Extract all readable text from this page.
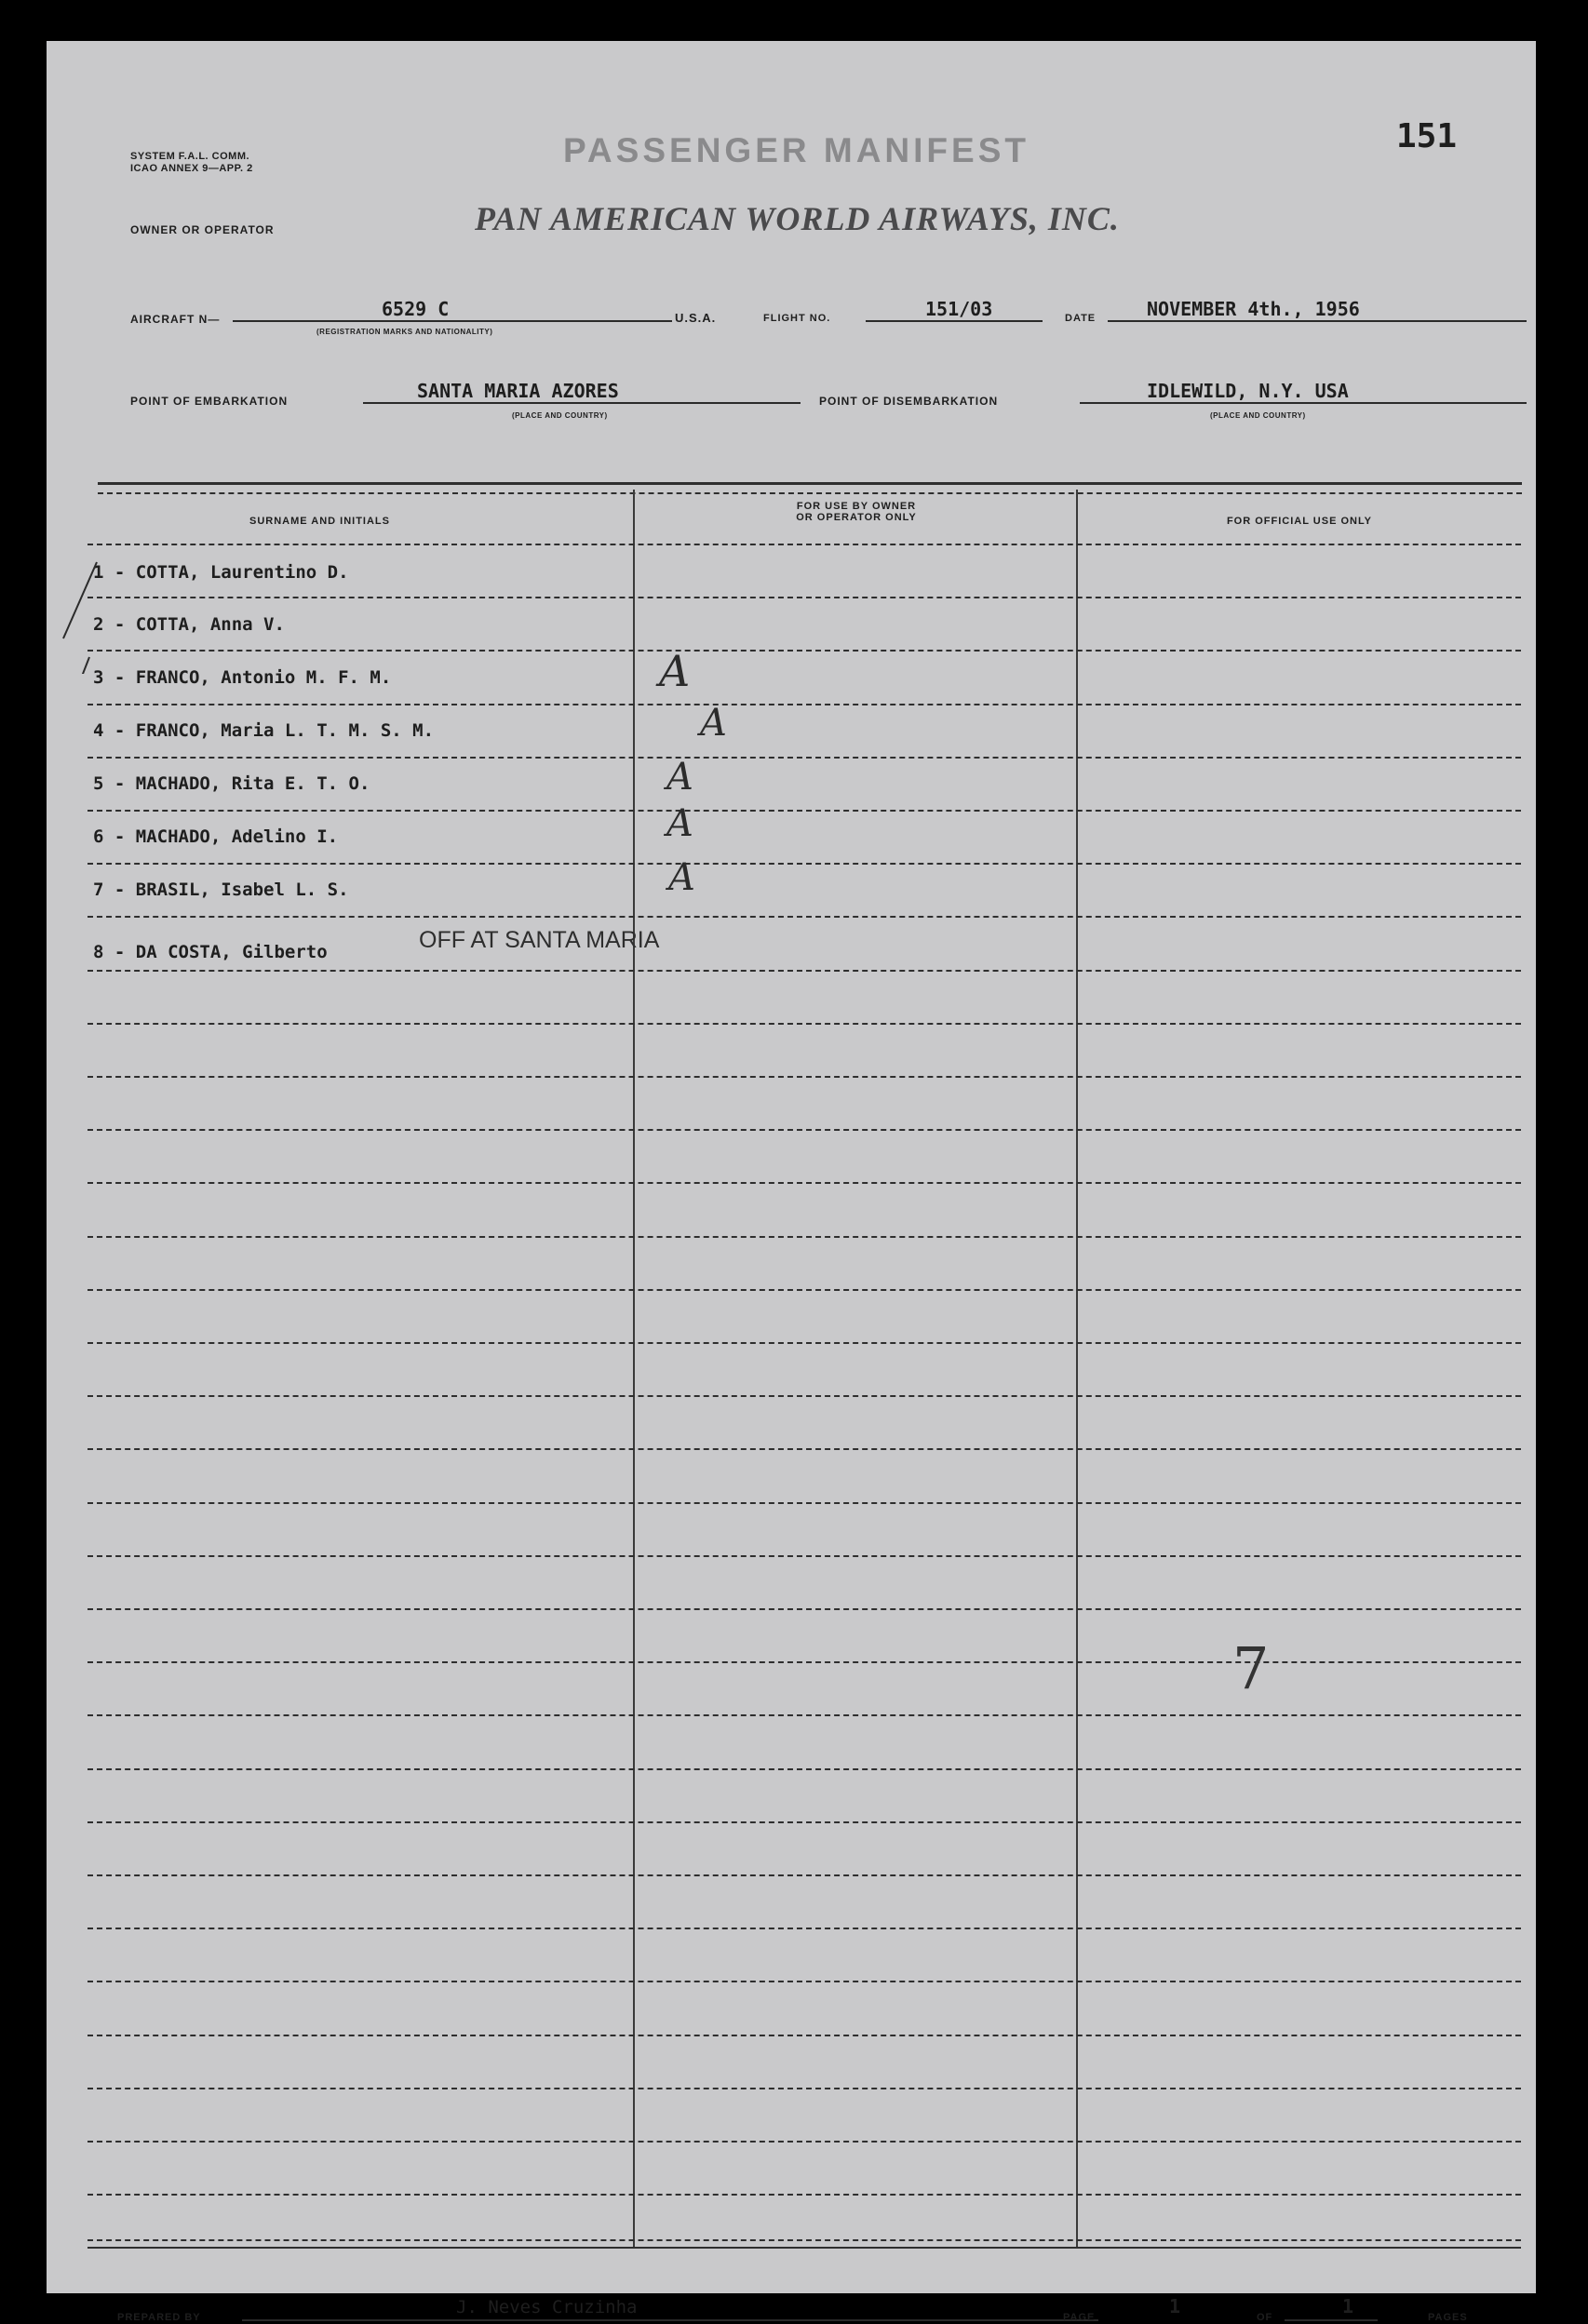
SYSTEM F.A.L. COMM.
ICAO ANNEX 9—APP. 2	PASSENGER MANIFEST	151
OWNER OR OPERATOR	PAN AMERICAN WORLD AIRWAYS, INC.
AIRCRAFT N—	6529 C
(REGISTRATION MARKS AND NATIONALITY)
U.S.A.	FLIGHT NO.	151/03	DATE	NOVEMBER 4th., 1956
POINT OF EMBARKATION	SANTA MARIA AZORES
(PLACE AND COUNTRY)
POINT OF DISEMBARKATION	IDLEWILD, N.Y. USA
(PLACE AND COUNTRY)
SURNAME AND INITIALS
FOR USE BY OWNER
OR OPERATOR ONLY	FOR OFFICIAL USE ONLY
1 - COTTA, Laurentino D.
2 - COTTA, Anna V.
3 - FRANCO, Antonio M. F. M.	A
4 - FRANCO, Maria L. T. M. S. M.	A
5 - MACHADO, Rita E. T. O.	A
6 - MACHADO, Adelino I.	A
7 - BRASIL, Isabel L. S.	A
8 - DA COSTA, Gilberto	OFF AT SANTA MARIA
7
PREPARED BY	J. Neves Cruzinha	PAGE	1	OF	1	PAGES
